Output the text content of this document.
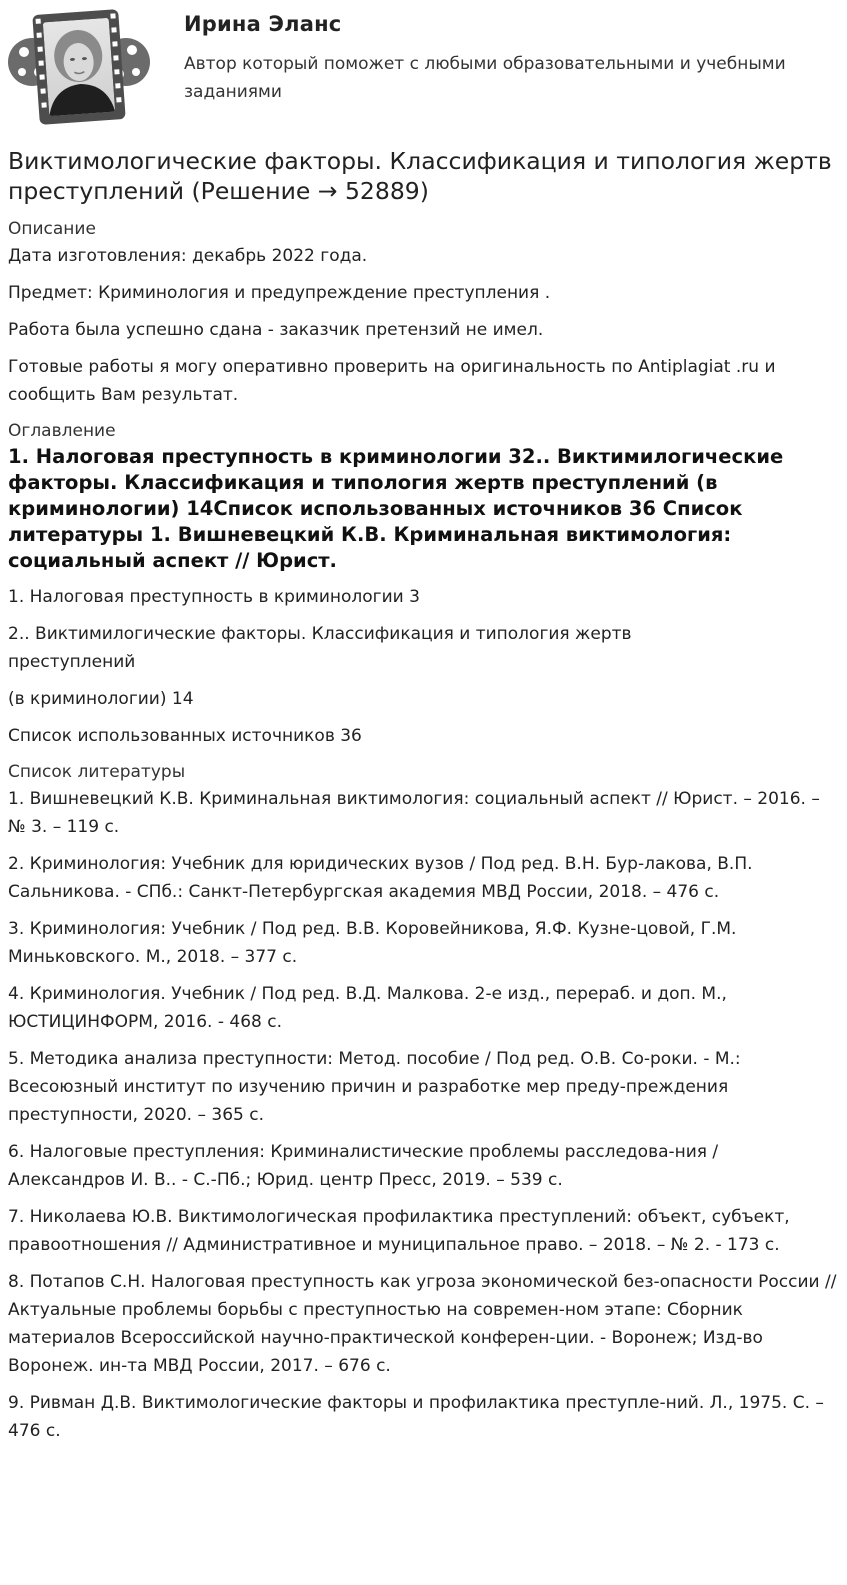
Ирина Эланс
Автор который поможет с любыми образовательными и учебными заданиями
Виктимологические факторы. Классификация и типология жертв преступлений (Решение → 52889)
Описание

Дата изготовления: декабрь 2022 года.

Предмет: Криминология и предупреждение преступления .

Работа была успешно сдана - заказчик претензий не имел.

Готовые работы я могу оперативно проверить на оригинальность по Antiplagiat .ru и сообщить Вам результат.

Оглавление

1. Налоговая преступность в криминологии 32.. Виктимилогические факторы. Классификация и типология жертв преступлений (в криминологии) 14Список использованных источников 36 Список литературы 1. Вишневецкий К.В. Криминальная виктимология: социальный аспект // Юрист.

1. Налоговая преступность в криминологии 3

2.. Виктимилогические факторы. Классификация и типология жертв преступлений

(в криминологии) 14

Список использованных источников 36

Список литературы

1. Вишневецкий К.В. Криминальная виктимология: социальный аспект // Юрист. – 2016. – № 3. – 119 с.

2. Криминология: Учебник для юридических вузов / Под ред. В.Н. Бур-лакова, В.П. Сальникова. - СПб.: Санкт-Петербургская академия МВД России, 2018. – 476 с.

3. Криминология: Учебник / Под ред. В.В. Коровейникова, Я.Ф. Кузне-цовой, Г.М. Миньковского. М., 2018. – 377 с.

4. Криминология. Учебник / Под ред. В.Д. Малкова. 2-е изд., перераб. и доп. М., ЮСТИЦИНФОРМ, 2016. - 468 с.

5. Методика анализа преступности: Метод. пособие / Под ред. О.В. Со-роки. - М.: Всесоюзный институт по изучению причин и разработке мер преду-преждения преступности, 2020. – 365 с.

6. Налоговые преступления: Криминалистические проблемы расследова-ния / Александров И. В.. - С.-Пб.; Юрид. центр Пресс, 2019. – 539 с.

7. Николаева Ю.В. Виктимологическая профилактика преступлений: объект, субъект, правоотношения // Административное и муниципальное право. – 2018. – № 2. - 173 с.

8. Потапов С.Н. Налоговая преступность как угроза экономической без-опасности России // Актуальные проблемы борьбы с преступностью на современ-ном этапе: Сборник материалов Всероссийской научно-практической конферен-ции. - Воронеж; Изд-во Воронеж. ин-та МВД России, 2017. – 676 с.

9. Ривман Д.В. Виктимологические факторы и профилактика преступле-ний. Л., 1975. С. – 476 с.
